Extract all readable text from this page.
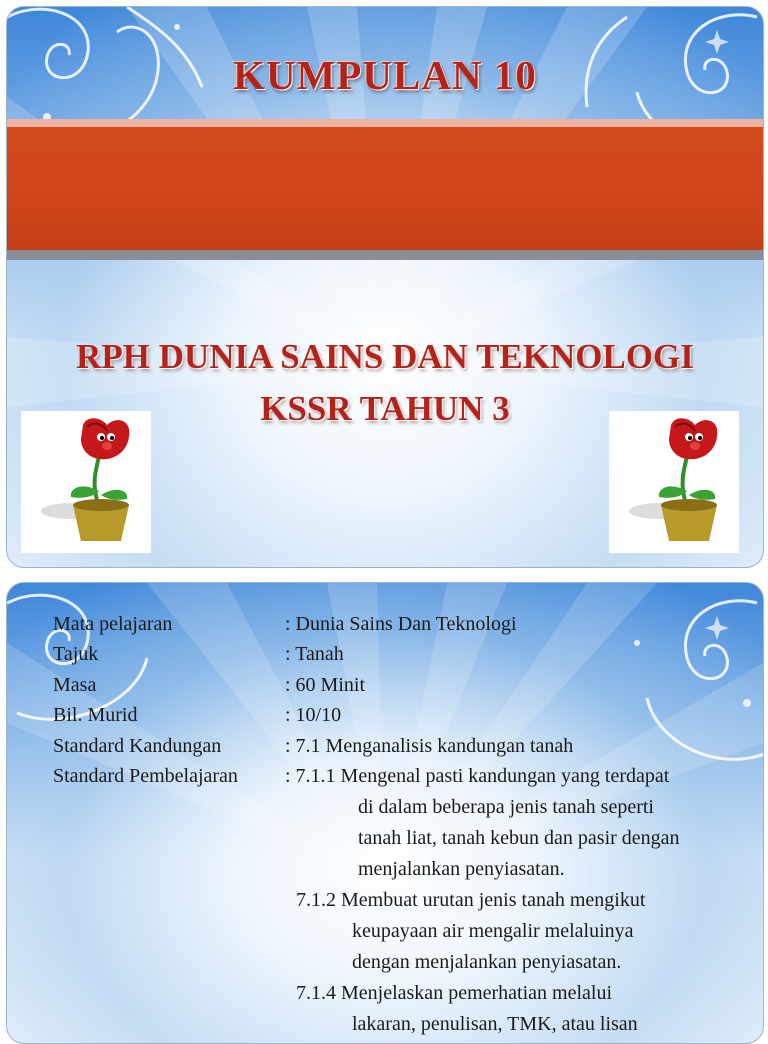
KUMPULAN 10
RPH DUNIA SAINS DAN TEKNOLOGI
KSSR TAHUN 3
Mata pelajaran	: Dunia Sains Dan Teknologi
Tajuk	: Tanah
Masa	: 60 Minit
Bil. Murid	: 10/10
Standard Kandungan	: 7.1 Menganalisis kandungan tanah
Standard Pembelajaran : 7.1.1 Mengenal pasti kandungan yang terdapat
di dalam beberapa jenis tanah seperti
tanah liat, tanah kebun dan pasir dengan
menjalankan penyiasatan.
7.1.2 Membuat urutan jenis tanah mengikut
keupayaan air mengalir melaluinya
dengan menjalankan penyiasatan.
7.1.4 Menjelaskan pemerhatian melalui
lakaran, penulisan, TMK, atau lisan
